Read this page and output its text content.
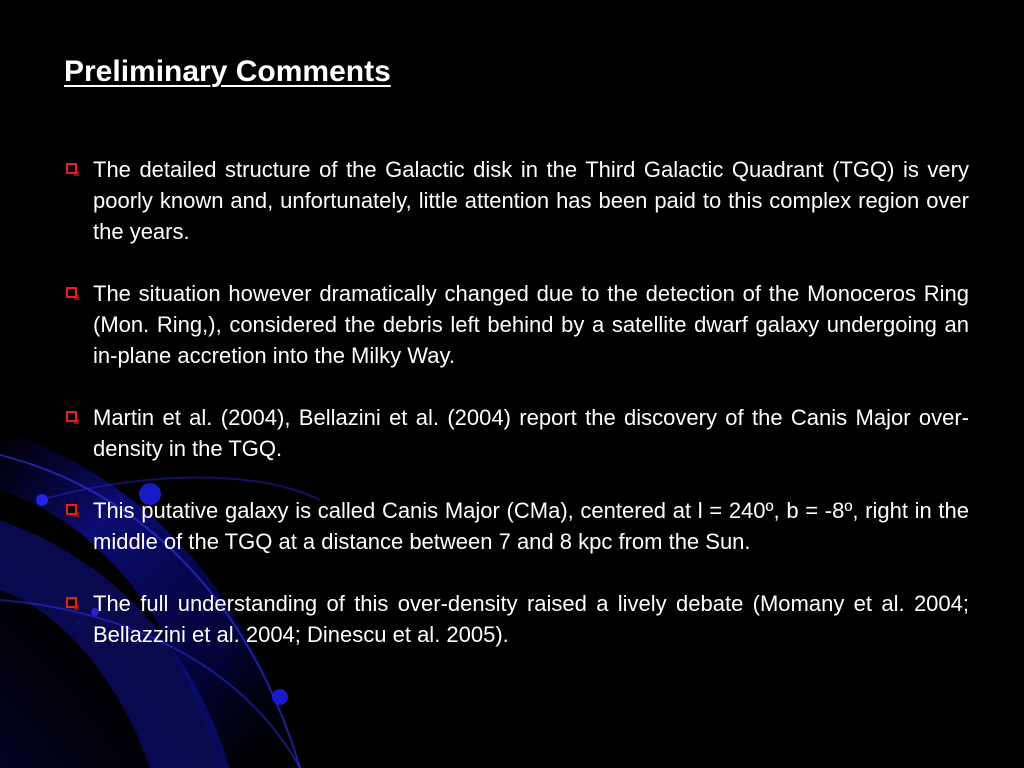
Preliminary Comments
The detailed structure of the Galactic disk in the Third Galactic Quadrant (TGQ) is very poorly known and, unfortunately, little attention has been paid to this complex region over the years.
The situation however dramatically changed due to the detection of the Monoceros Ring (Mon. Ring,), considered the debris left behind by a satellite dwarf galaxy undergoing an in-plane accretion into the Milky Way.
Martin et al. (2004), Bellazini et al. (2004) report the discovery of the Canis Major over-density in the TGQ.
This putative galaxy is called Canis Major (CMa), centered at l = 240º, b = -8º, right in the middle of the TGQ at a distance between 7 and 8 kpc from the Sun.
The full understanding of this over-density raised a lively debate (Momany et al. 2004; Bellazzini et al. 2004; Dinescu et al. 2005).
